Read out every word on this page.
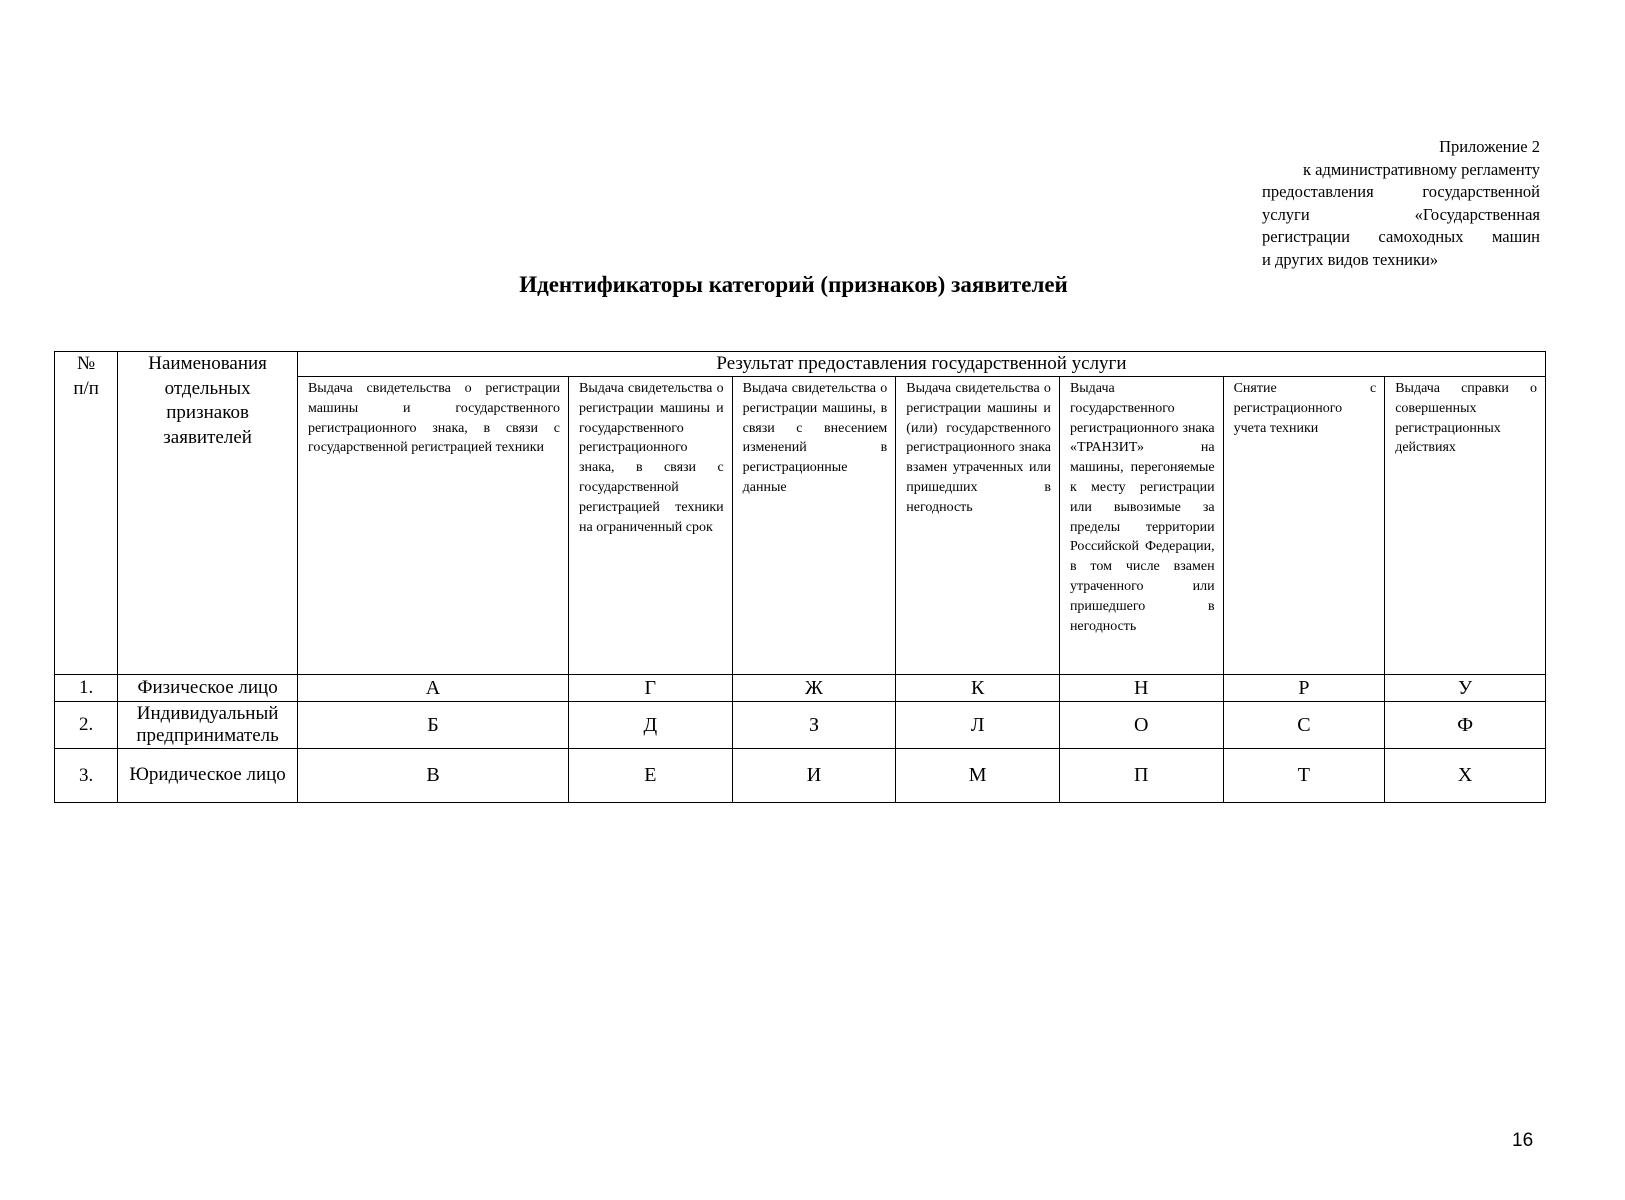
Приложение 2
к административному регламенту
предоставления государственной
услуги «Государственная
регистрации самоходных машин
и других видов техники»
Идентификаторы категорий (признаков) заявителей
№
п/п	Наименования отдельных признаков заявителей	Результат предоставления государственной услуги						
		Выдача свидетельства о регистрации машины и государственного регистрационного знака, в связи с государственной регистрацией техники	Выдача свидетельства о регистрации машины и государственного регистрационного знака, в связи с государственной регистрацией техники на ограниченный срок	Выдача свидетельства о регистрации машины, в связи с внесением изменений в регистрационные данные	Выдача свидетельства о регистрации машины и (или) государственного регистрационного знака взамен утраченных или пришедших в негодность	Выдача государственного регистрационного знака «ТРАНЗИТ» на машины, перегоняемые к месту регистрации или вывозимые за пределы территории Российской Федерации, в том числе взамен утраченного или пришедшего в негодность	Снятие с регистрационного учета техники	Выдача справки о совершенных регистрационных действиях
1.	Физическое лицо	А	Г	Ж	К	Н	Р	У
2.	Индивидуальный предприниматель	Б	Д	З	Л	О	С	Ф
3.	Юридическое лицо	В	Е	И	М	П	Т	Х
16
